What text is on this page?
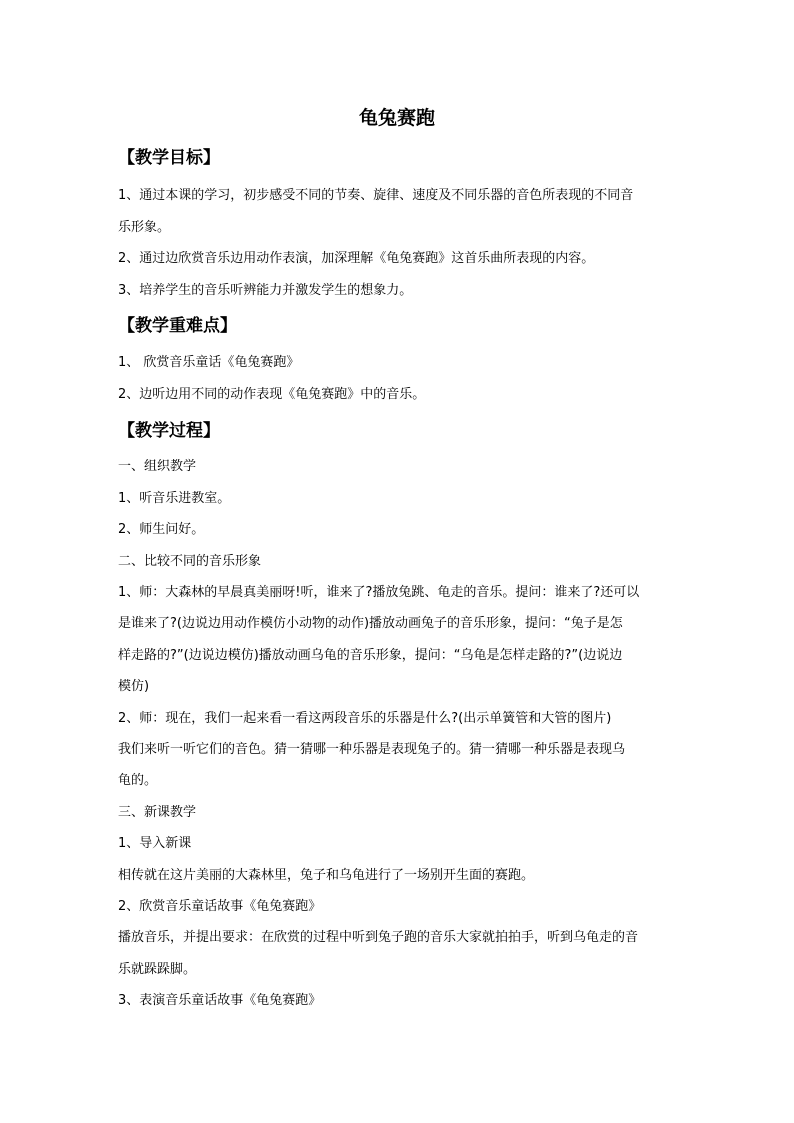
龟兔赛跑
【教学目标】
1、通过本课的学习，初步感受不同的节奏、旋律、速度及不同乐器的音色所表现的不同音
乐形象。
2、通过边欣赏音乐边用动作表演，加深理解《龟兔赛跑》这首乐曲所表现的内容。
3、培养学生的音乐听辨能力并激发学生的想象力。
【教学重难点】
1、 欣赏音乐童话《龟兔赛跑》
2、边听边用不同的动作表现《龟兔赛跑》中的音乐。
【教学过程】
一、组织教学
1、听音乐进教室。
2、师生问好。
二、比较不同的音乐形象
1、师：大森林的早晨真美丽呀!听，谁来了?播放兔跳、龟走的音乐。提问：谁来了?还可以
是谁来了?(边说边用动作模仿小动物的动作)播放动画兔子的音乐形象，提问：“兔子是怎
样走路的?”(边说边模仿)播放动画乌龟的音乐形象，提问：“乌龟是怎样走路的?”(边说边
模仿)
2、师：现在，我们一起来看一看这两段音乐的乐器是什么?(出示单簧管和大管的图片)
我们来听一听它们的音色。猜一猜哪一种乐器是表现兔子的。猜一猜哪一种乐器是表现乌
龟的。
三、新课教学
1、导入新课
相传就在这片美丽的大森林里，兔子和乌龟进行了一场别开生面的赛跑。
2、欣赏音乐童话故事《龟兔赛跑》
播放音乐，并提出要求：在欣赏的过程中听到兔子跑的音乐大家就拍拍手，听到乌龟走的音
乐就跺跺脚。
3、表演音乐童话故事《龟兔赛跑》
